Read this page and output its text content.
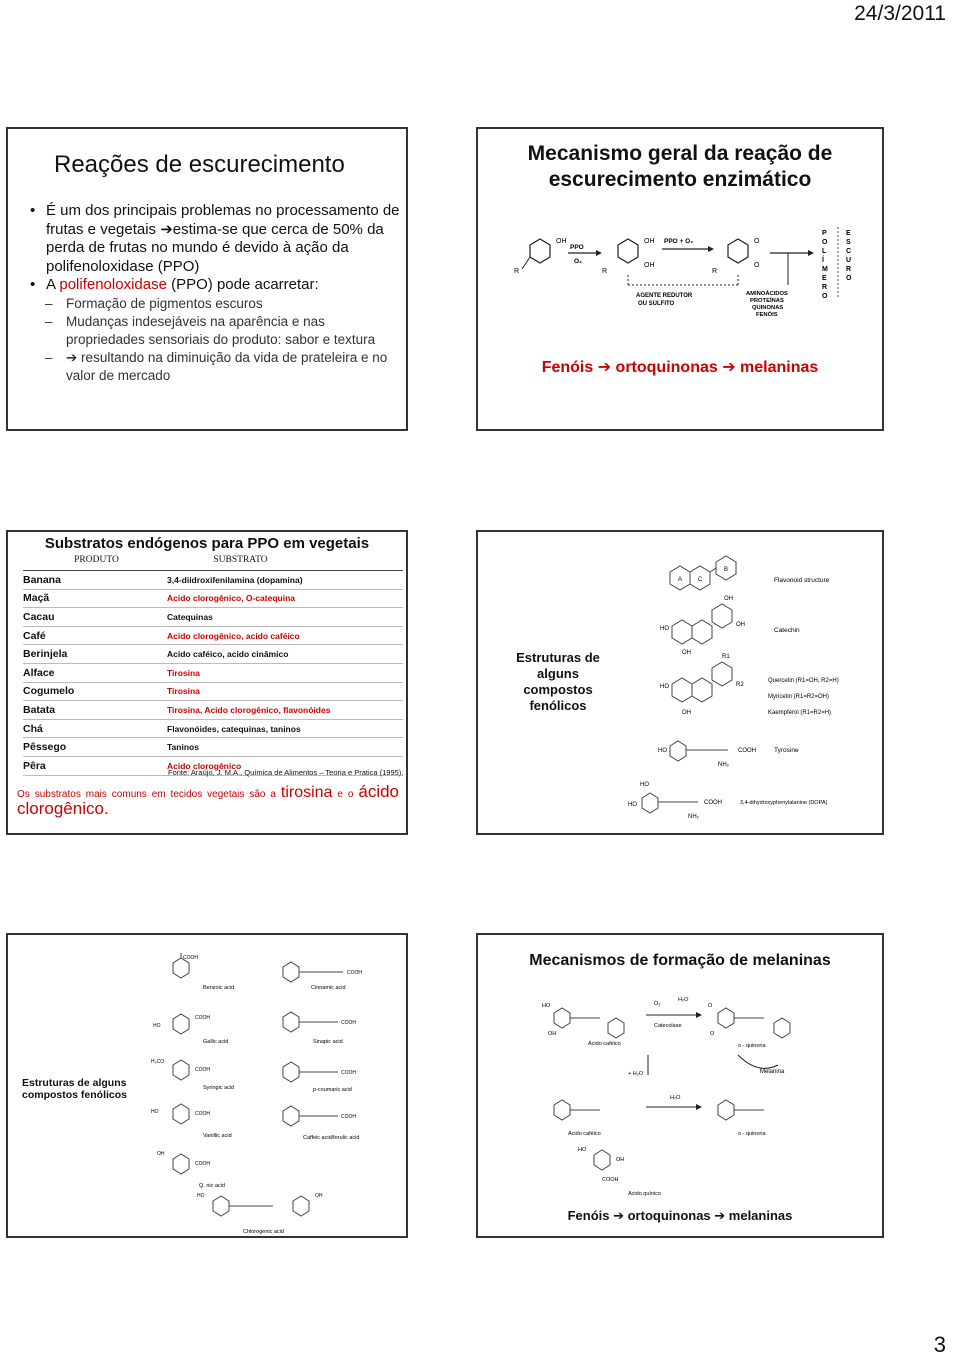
24/3/2011
Reações de escurecimento
• É um dos principais problemas no processamento de frutas e vegetais ➔estima-se que cerca de 50% da perda de frutas no mundo é devido à ação da polifenoloxidase (PPO)
• A polifenoloxidase (PPO) pode acarretar:
– Formação de pigmentos escuros
– Mudanças indesejáveis na aparência e nas propriedades sensoriais do produto: sabor e textura
– ➔ resultando na diminuição da vida de prateleira e no valor de mercado
Mecanismo geral da reação de escurecimento enzimático
OH
R
PPO
O₂
OH
OH
R
PPO + O₂	O
O
R
AGENTE REDUTOR
OU SULFITO
AMINOÁCIDOS
PROTEÍNAS
QUINONAS
FENÓIS
P
O
L
Í
M
E
R
O
E
S
C
U
R
O
Fenóis ➔ ortoquinonas ➔ melaninas
Substratos endógenos para PPO em vegetais
PRODUTO	SUBSTRATO
Banana	3,4-diidroxifenilamina (dopamina)
Maçã	Acido clorogênico, O-catequina
Cacau	Catequinas
Café	Acido clorogênico, acido caféico
Berinjela	Acido caféico, acido cinâmico
Alface	Tirosina
Cogumelo	Tirosina
Batata	Tirosina, Acido clorogênico, flavonóides
Chá	Flavonóides, catequinas, taninos
Pêssego	Taninos
Pêra	Acido clorogênico
Fonte: Araújo, J. M.A., Química de Alimentos – Teoria e Pratica (1995).
Os substratos mais comuns em tecidos vegetais são a tirosina e o ácido clorogênico.
Estruturas de alguns compostos fenólicos
A	C
B
Flavonoid structure
HO
OH
OH
OH
Catechin
HO
R1
R2
OH
Quercetin (R1=OH, R2=H)
Myricetin (R1=R2=OH)
Kaempferol (R1=R2=H)
HO	COOH
NH₂
Tyrosine
HO
HO
COOH
NH₂
3,4-dihydroxyphenylalanine (DOPA)
Estruturas de alguns compostos fenólicos
COOH
Benzoic acid
COOH
Cinnamic acid
HO
COOH
Gallic acid
COOH
Sinapic acid
H₃CO
COOH
Syringic acid
COOH
p-coumaric acid
HO	COOH
Vanillic acid
COOH
Caffeic acid/ferulic acid
OH
COOH
Q. nic acid
HO	OH
Chlorogenic acid
Mecanismos de formação de melaninas
HO
OH
Ácido caféico
O₂
H₂O
Catecolase
O
O
o - quinona
+ H₂O	Melanina
Ácido caféico
H₂O
o - quinona
OH
HO
COOH
Acido quínico
Fenóis ➔ ortoquinonas ➔ melaninas
3
